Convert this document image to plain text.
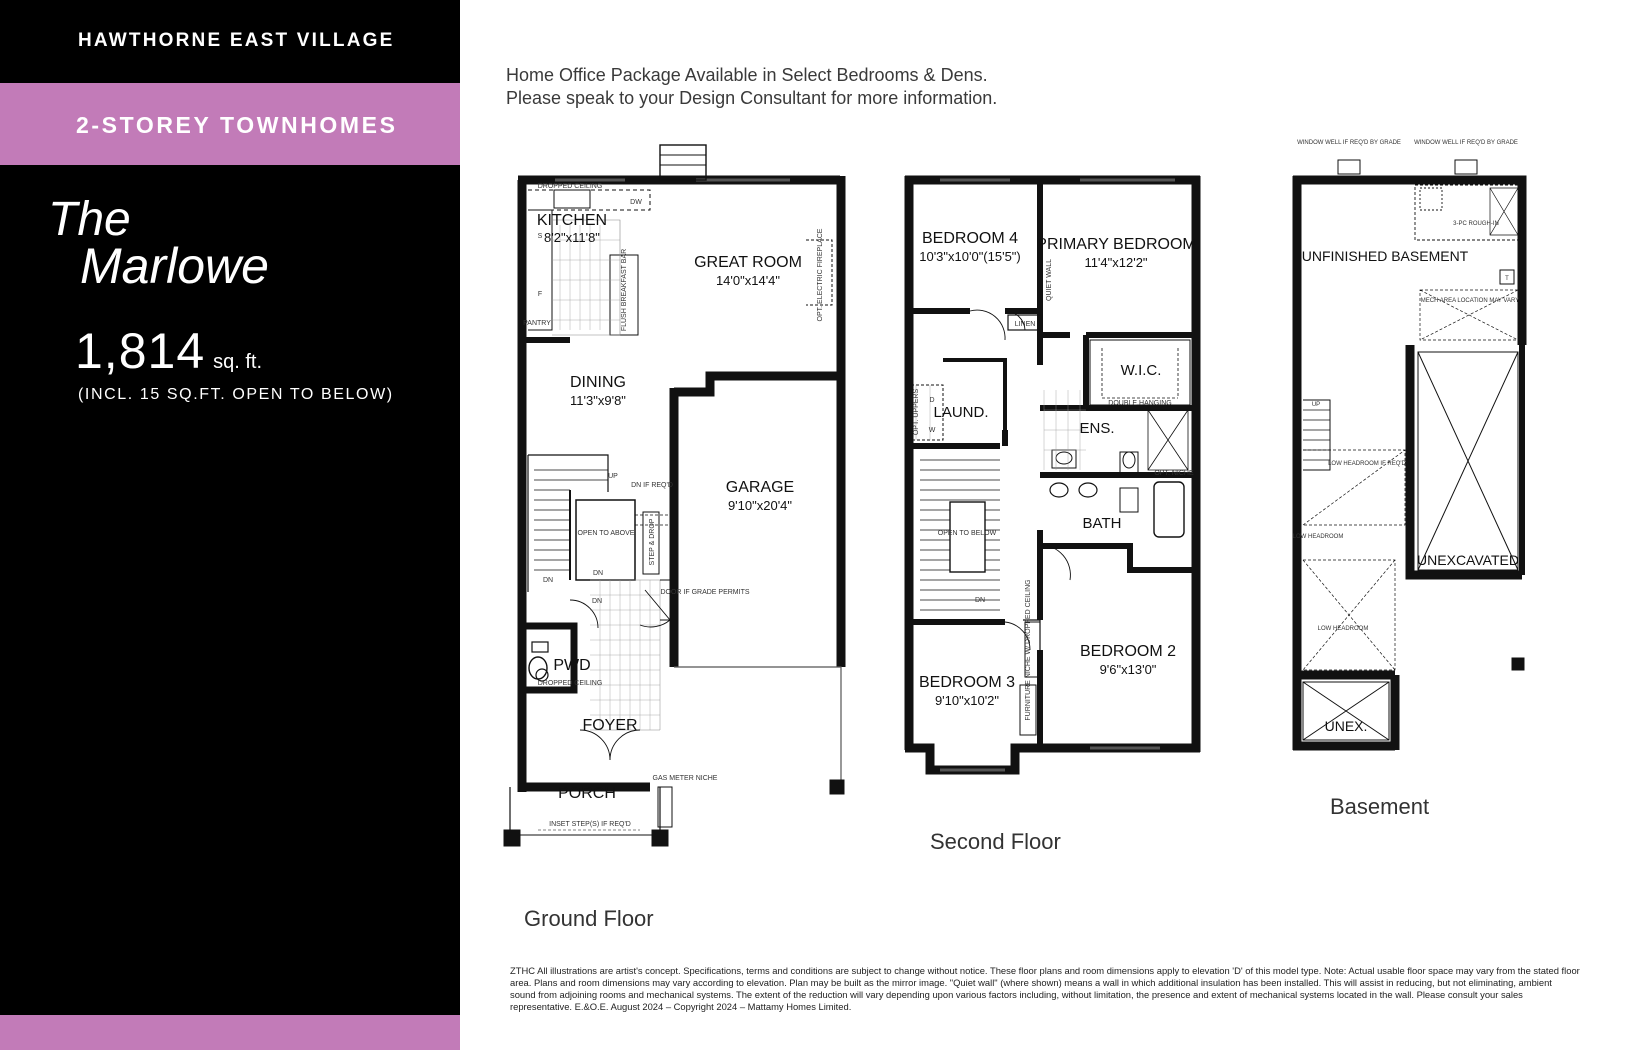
HAWTHORNE EAST VILLAGE
2-STOREY TOWNHOMES
The
Marlowe
1,814 sq. ft.
(INCL. 15 SQ.FT. OPEN TO BELOW)
Home Office Package Available in Select Bedrooms & Dens.
Please speak to your Design Consultant for more information.
KITCHEN
8'2"x11'8"
GREAT ROOM
14'0"x14'4"
DINING
11'3"x9'8"
GARAGE
9'10"x20'4"
PWD
FOYER
PORCH
DROPPED CEILING
DW
S
F
PANTRY	FLUSH BREAKFAST BAR	OPT. ELECTRIC FIREPLACE
UP
DN IF REQ'D
OPEN TO ABOVE STEP & DROP
DN
DN
DN
DOOR IF GRADE PERMITS
DROPPED CEILING
GAS METER NICHE
INSET STEP(S) IF REQ'D
BEDROOM 4
10'3"x10'0"(15'5")
PRIMARY BEDROOM
11'4"x12'2"
LAUND.
W.I.C.
ENS.
BATH
BEDROOM 3
9'10"x10'2"
BEDROOM 2
9'6"x13'0"
LINEN
QUIET WALL
DOUBLE HANGING
OPT. NICHE
OPEN TO BELOW
DN	FURNITURE NICHE W/ DROPPED CEILING
OPT. UPPERS D
W
UNFINISHED BASEMENT
UNEXCAVATED
UNEX.
WINDOW WELL IF REQ'D BY GRADE WINDOW WELL IF REQ'D BY GRADE
3-PC ROUGH-IN
MECH AREA LOCATION MAY VARY
UP
LOW HEADROOM IF REQ'D
LOW HEADROOM
LOW HEADROOM
T
Ground Floor
Second Floor
Basement
ZTHC All illustrations are artist's concept. Specifications, terms and conditions are subject to change without notice. These floor plans and room dimensions apply to elevation 'D' of this model type. Note: Actual usable floor space may vary from the stated floor area. Plans and room dimensions may vary according to elevation. Plan may be built as the mirror image. "Quiet wall" (where shown) means a wall in which additional insulation has been installed. This will assist in reducing, but not eliminating, ambient sound from adjoining rooms and mechanical systems. The extent of the reduction will vary depending upon various factors including, without limitation, the presence and extent of mechanical systems located in the wall. Please consult your sales representative. E.&O.E. August 2024 – Copyright 2024 – Mattamy Homes Limited.
